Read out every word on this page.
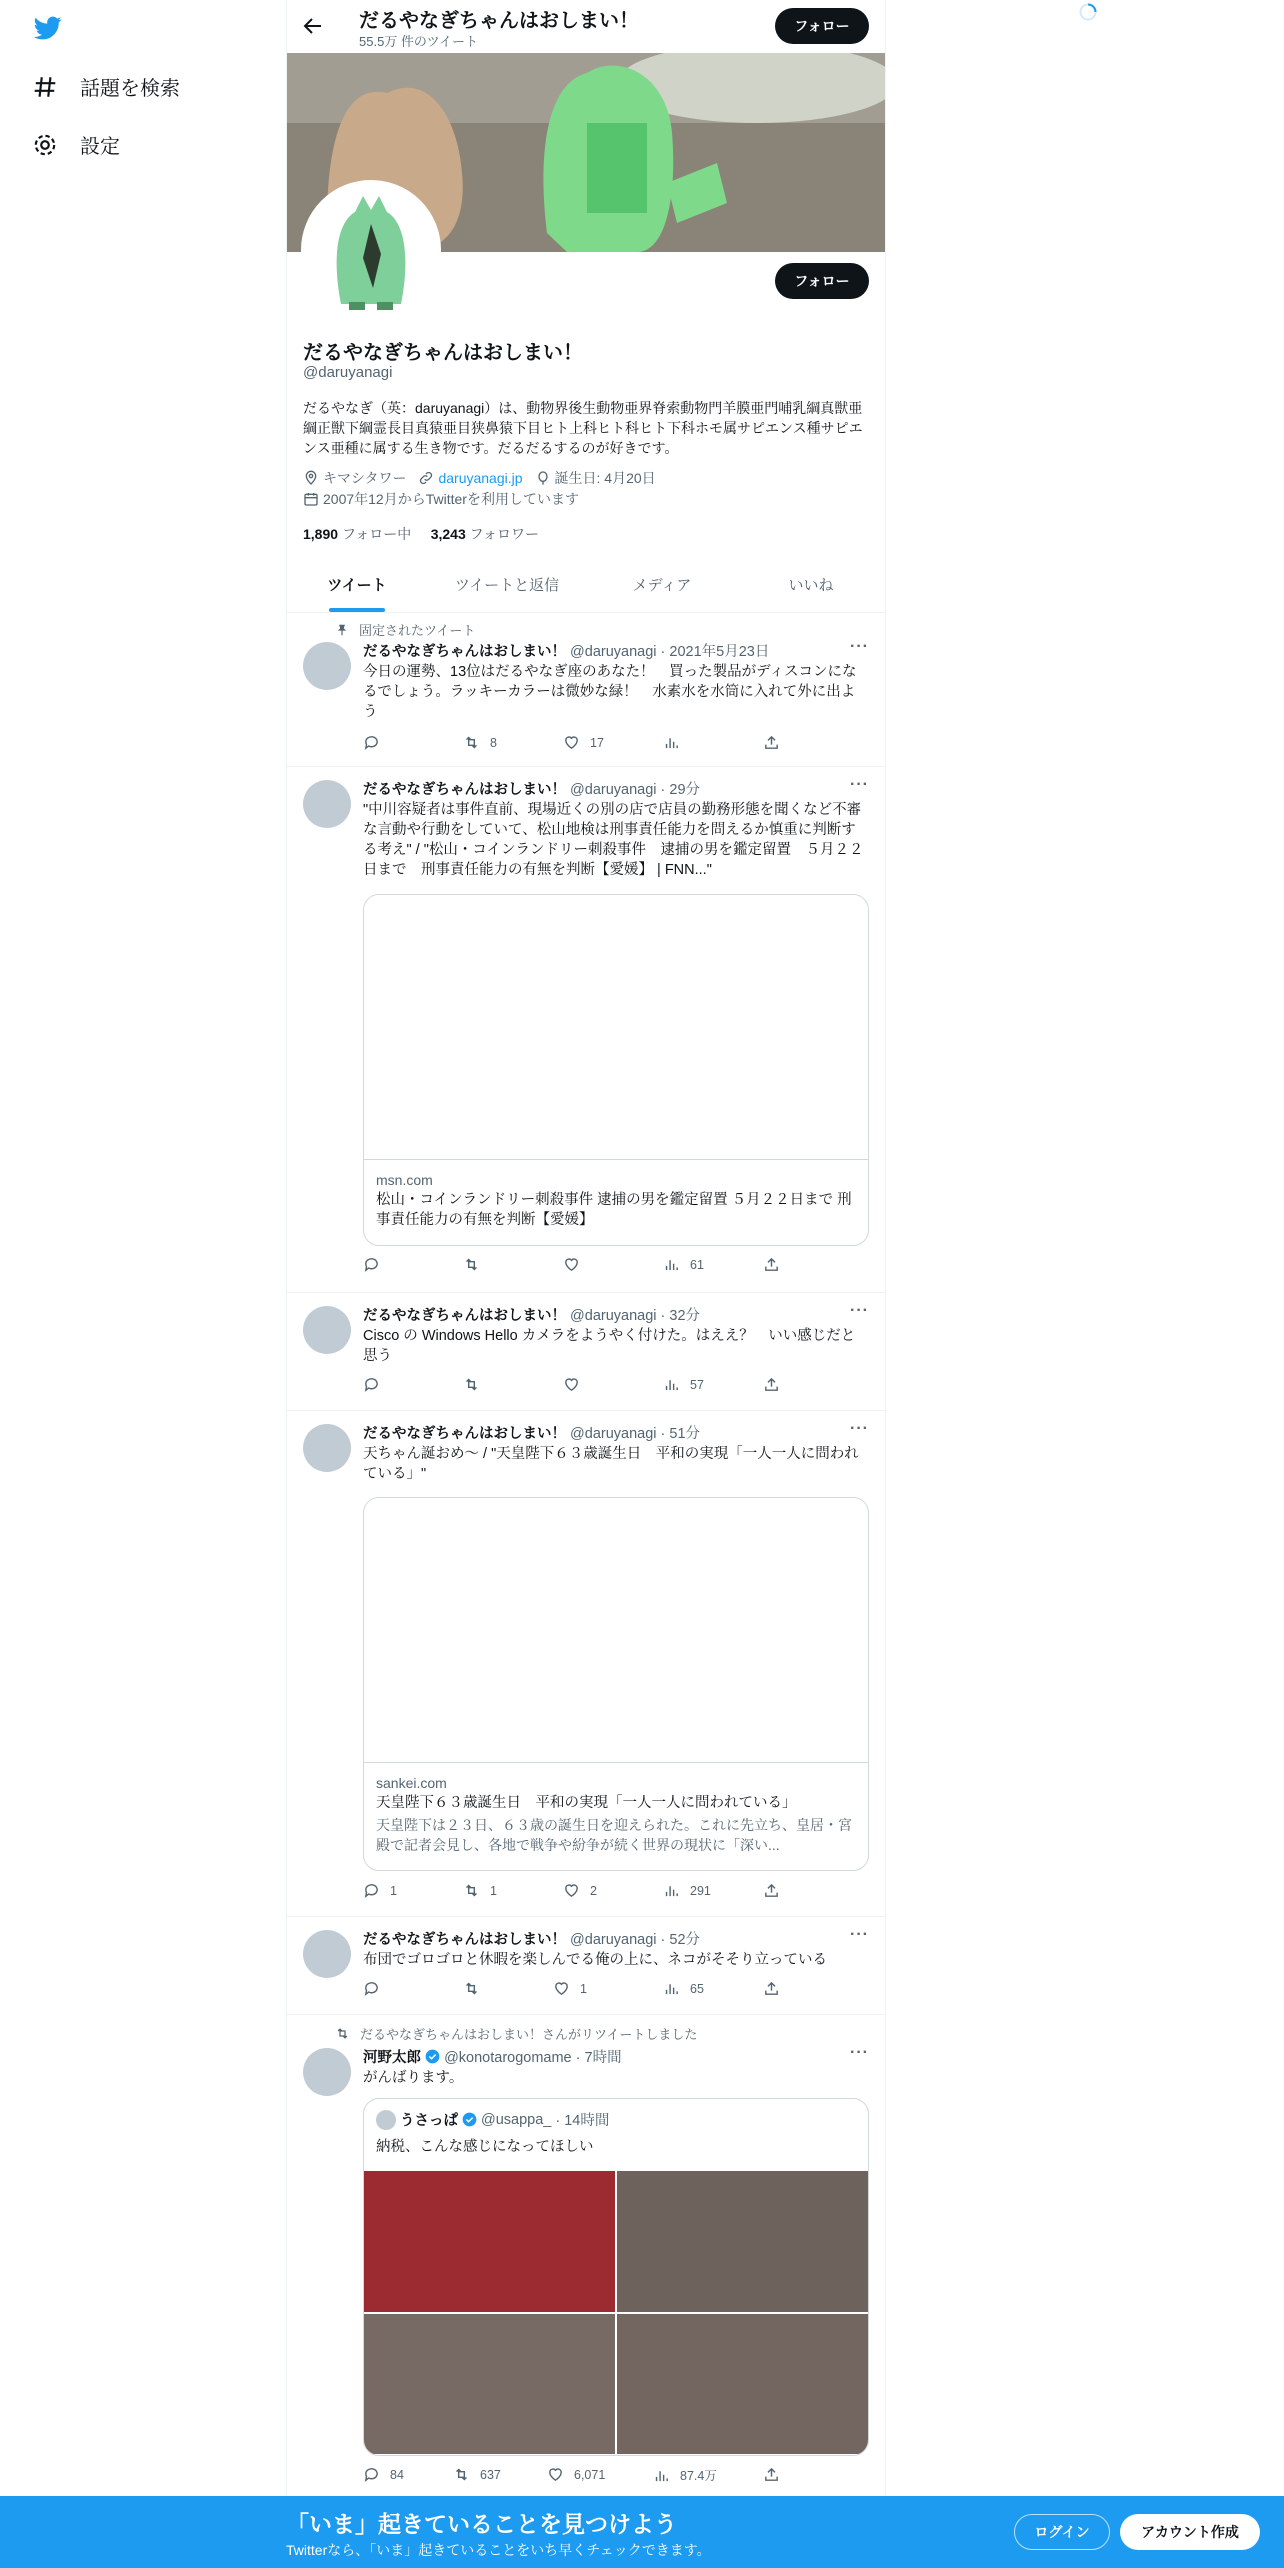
話題を検索
設定
だるやなぎちゃんはおしまい！
55.5万 件のツイート
フォロー
フォロー
だるやなぎちゃんはおしまい！
@daruyanagi
だるやなぎ（英：daruyanagi）は、動物界後生動物亜界脊索動物門羊膜亜門哺乳綱真獣亜綱正獣下綱霊長目真猿亜目狭鼻猿下目ヒト上科ヒト科ヒト下科ホモ属サピエンス種サピエンス亜種に属する生き物です。だるだるするのが好きです。
キマシタワー daruyanagi.jp 誕生日: 4月20日
2007年12月からTwitterを利用しています
1,890 フォロー中 3,243 フォロワー
ツイート	ツイートと返信	メディア	いいね
固定されたツイート
だるやなぎちゃんはおしまい！ @daruyanagi · 2021年5月23日	···
今日の運勢、13位はだるやなぎ座のあなた！　買った製品がディスコンになるでしょう。ラッキーカラーは微妙な緑！　水素水を水筒に入れて外に出よう
8	17
だるやなぎちゃんはおしまい！ @daruyanagi · 29分	···
"中川容疑者は事件直前、現場近くの別の店で店員の勤務形態を聞くなど不審な言動や行動をしていて、松山地検は刑事責任能力を問えるか慎重に判断する考え" / "松山・コインランドリー刺殺事件　逮捕の男を鑑定留置　５月２２日まで　刑事責任能力の有無を判断【愛媛】 | FNN..."
msn.com
松山・コインランドリー刺殺事件 逮捕の男を鑑定留置 ５月２２日まで 刑事責任能力の有無を判断【愛媛】
61
だるやなぎちゃんはおしまい！ @daruyanagi · 32分	···
Cisco の Windows Hello カメラをようやく付けた。はええ？　いい感じだと思う
57
だるやなぎちゃんはおしまい！ @daruyanagi · 51分	···
天ちゃん誕おめ〜 / "天皇陛下６３歳誕生日　平和の実現「一人一人に問われている」"
sankei.com
天皇陛下６３歳誕生日　平和の実現「一人一人に問われている」
天皇陛下は２３日、６３歳の誕生日を迎えられた。これに先立ち、皇居・宮殿で記者会見し、各地で戦争や紛争が続く世界の現状に「深い...
1	1	2	291
だるやなぎちゃんはおしまい！ @daruyanagi · 52分	···
布団でゴロゴロと休暇を楽しんでる俺の上に、ネコがそそり立っている
1	65
だるやなぎちゃんはおしまい！さんがリツイートしました
河野太郎 @konotarogomame · 7時間	···
がんばります。
うさっぱ @usappa_ · 14時間
納税、こんな感じになってほしい
84	637	6,071	87.4万
「いま」起きていることを見つけよう
Twitterなら、「いま」起きていることをいち早くチェックできます。
ログイン	アカウント作成
